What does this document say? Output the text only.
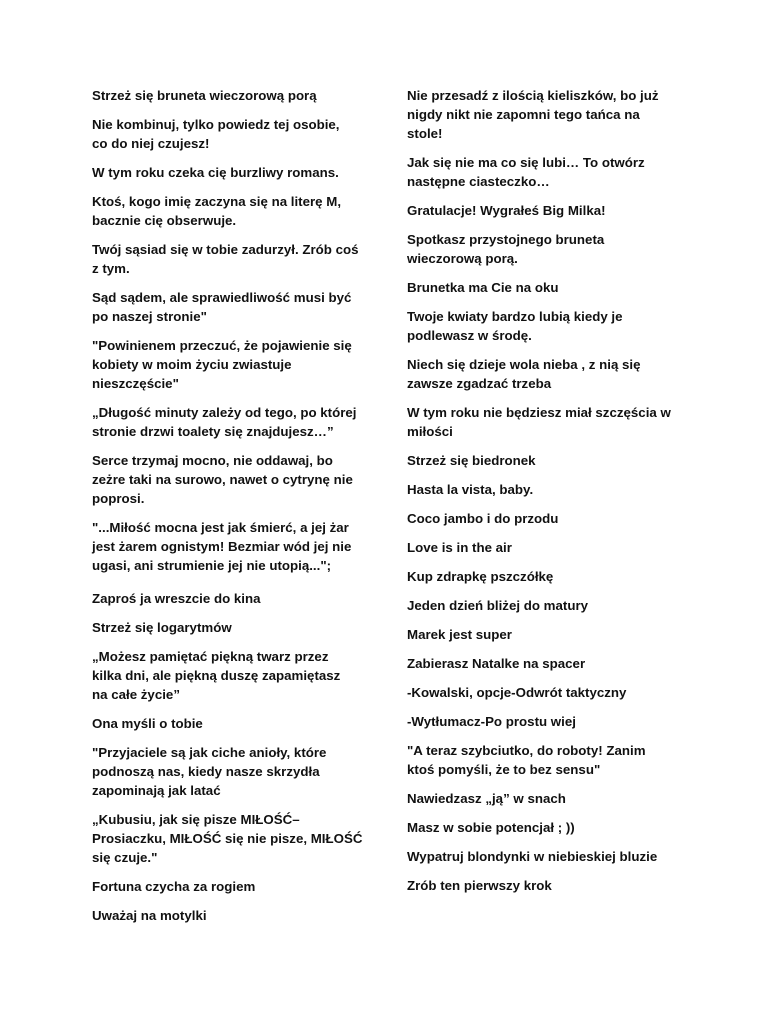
Strzeż się bruneta wieczorową porą
Nie kombinuj, tylko powiedz tej osobie,
co do niej czujesz!
W tym roku czeka cię burzliwy romans.
Ktoś, kogo imię zaczyna się na literę M,
bacznie cię obserwuje.
Twój sąsiad się w tobie zadurzył. Zrób coś
z tym.
Sąd sądem, ale sprawiedliwość musi być
po naszej stronie"
"Powinienem przeczuć, że pojawienie się
kobiety w moim życiu zwiastuje
nieszczęście"
„Długość minuty zależy od tego, po której
stronie drzwi toalety się znajdujesz…”
Serce trzymaj mocno, nie oddawaj, bo
zeżre taki na surowo, nawet o cytrynę nie
poprosi.
"...Miłość mocna jest jak śmierć, a jej żar
jest żarem ognistym! Bezmiar wód jej nie
ugasi, ani strumienie jej nie utopią...";
Zaproś ja wreszcie do kina
Strzeż się logarytmów
„Możesz pamiętać piękną twarz przez
kilka dni, ale piękną duszę zapamiętasz
na całe życie”
Ona myśli o tobie
"Przyjaciele są jak ciche anioły, które
podnoszą nas, kiedy nasze skrzydła
zapominają jak latać
„Kubusiu, jak się pisze MIŁOŚĆ–
Prosiaczku, MIŁOŚĆ się nie pisze, MIŁOŚĆ
się czuje."
Fortuna czycha za rogiem
Uważaj na motylki
Nie przesadź z ilością kieliszków, bo już
nigdy nikt nie zapomni tego tańca na
stole!
Jak się nie ma co się lubi… To otwórz
następne ciasteczko…
Gratulacje! Wygrałeś Big Milka!
Spotkasz przystojnego bruneta
wieczorową porą.
Brunetka ma Cie na oku
Twoje kwiaty bardzo lubią kiedy je
podlewasz w środę.
Niech się dzieje wola nieba , z nią się
zawsze zgadzać trzeba
W tym roku nie będziesz miał szczęścia w
miłości
Strzeż się biedronek
Hasta la vista, baby.
Coco jambo i do przodu
Love is in the air
Kup zdrapkę pszczółkę
Jeden dzień bliżej do matury
Marek jest super
Zabierasz Natalke na spacer
-Kowalski, opcje-Odwrót taktyczny
-Wytłumacz-Po prostu wiej
"A teraz szybciutko, do roboty! Zanim
ktoś pomyśli, że to bez sensu"
Nawiedzasz „ją” w snach
Masz w sobie potencjał ; ))
Wypatruj blondynki w niebieskiej bluzie
Zrób ten pierwszy krok
